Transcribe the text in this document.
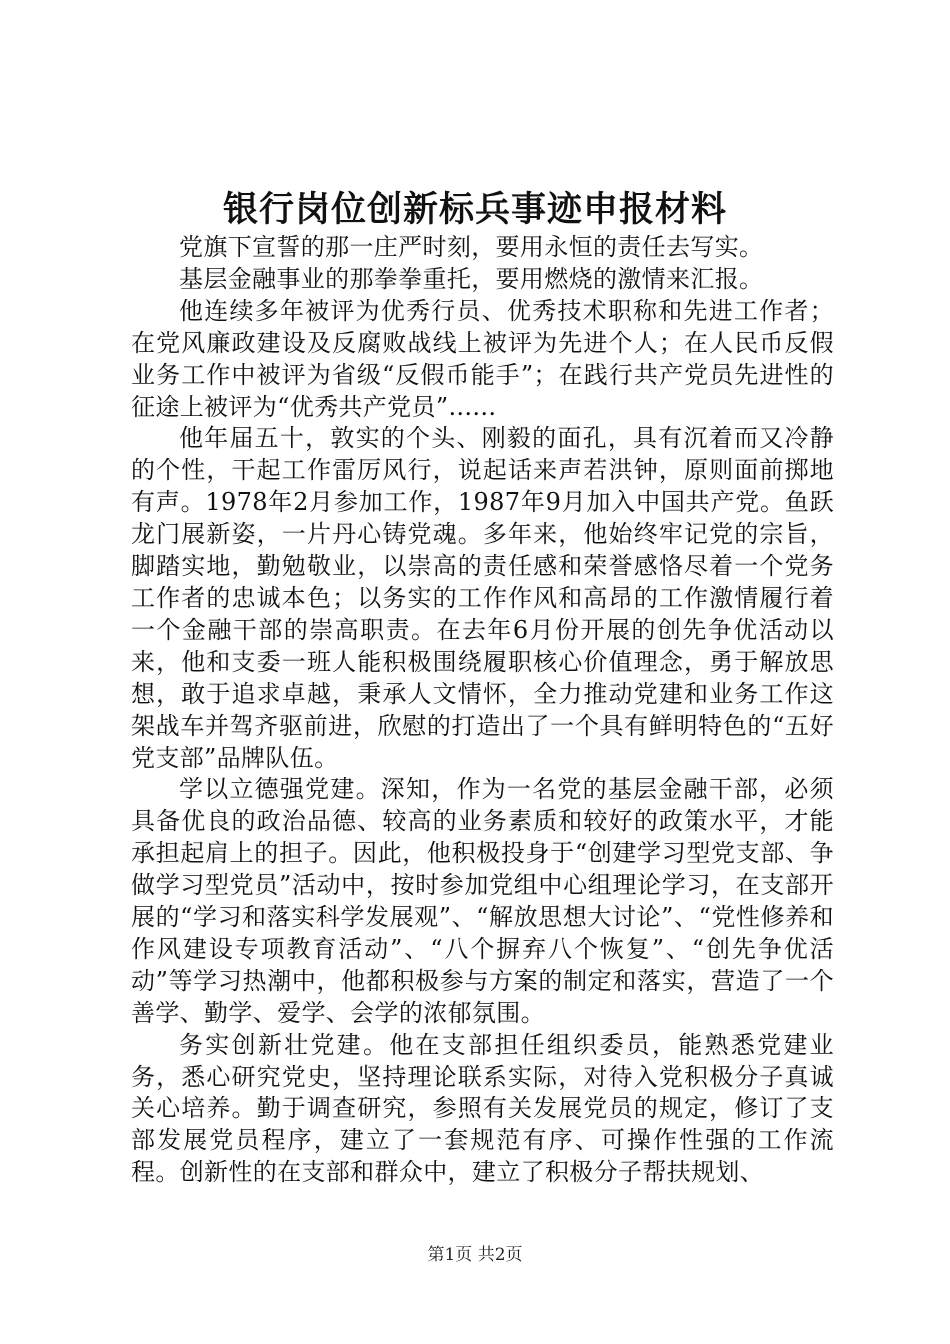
银行岗位创新标兵事迹申报材料

党旗下宣誓的那一庄严时刻，要用永恒的责任去写实。

基层金融事业的那拳拳重托，要用燃烧的激情来汇报。

他连续多年被评为优秀行员、优秀技术职称和先进工作者；在党风廉政建设及反腐败战线上被评为先进个人；在人民币反假业务工作中被评为省级“反假币能手”；在践行共产党员先进性的征途上被评为“优秀共产党员”......

他年届五十，敦实的个头、刚毅的面孔，具有沉着而又冷静的个性，干起工作雷厉风行，说起话来声若洪钟，原则面前掷地有声。1978年2月参加工作，1987年9月加入中国共产党。鱼跃龙门展新姿，一片丹心铸党魂。多年来，他始终牢记党的宗旨，脚踏实地，勤勉敬业，以崇高的责任感和荣誉感恪尽着一个党务工作者的忠诚本色；以务实的工作作风和高昂的工作激情履行着一个金融干部的崇高职责。在去年6月份开展的创先争优活动以来，他和支委一班人能积极围绕履职核心价值理念，勇于解放思想，敢于追求卓越，秉承人文情怀，全力推动党建和业务工作这架战车并驾齐驱前进，欣慰的打造出了一个具有鲜明特色的“五好党支部”品牌队伍。

学以立德强党建。深知，作为一名党的基层金融干部，必须具备优良的政治品德、较高的业务素质和较好的政策水平，才能承担起肩上的担子。因此，他积极投身于“创建学习型党支部、争做学习型党员”活动中，按时参加党组中心组理论学习，在支部开展的“学习和落实科学发展观”、“解放思想大讨论”、“党性修养和作风建设专项教育活动”、“八个摒弃八个恢复”、“创先争优活动”等学习热潮中，他都积极参与方案的制定和落实，营造了一个善学、勤学、爱学、会学的浓郁氛围。

务实创新壮党建。他在支部担任组织委员，能熟悉党建业务，悉心研究党史，坚持理论联系实际，对待入党积极分子真诚关心培养。勤于调查研究，参照有关发展党员的规定，修订了支部发展党员程序，建立了一套规范有序、可操作性强的工作流程。创新性的在支部和群众中，建立了积极分子帮扶规划、

第1页 共2页
